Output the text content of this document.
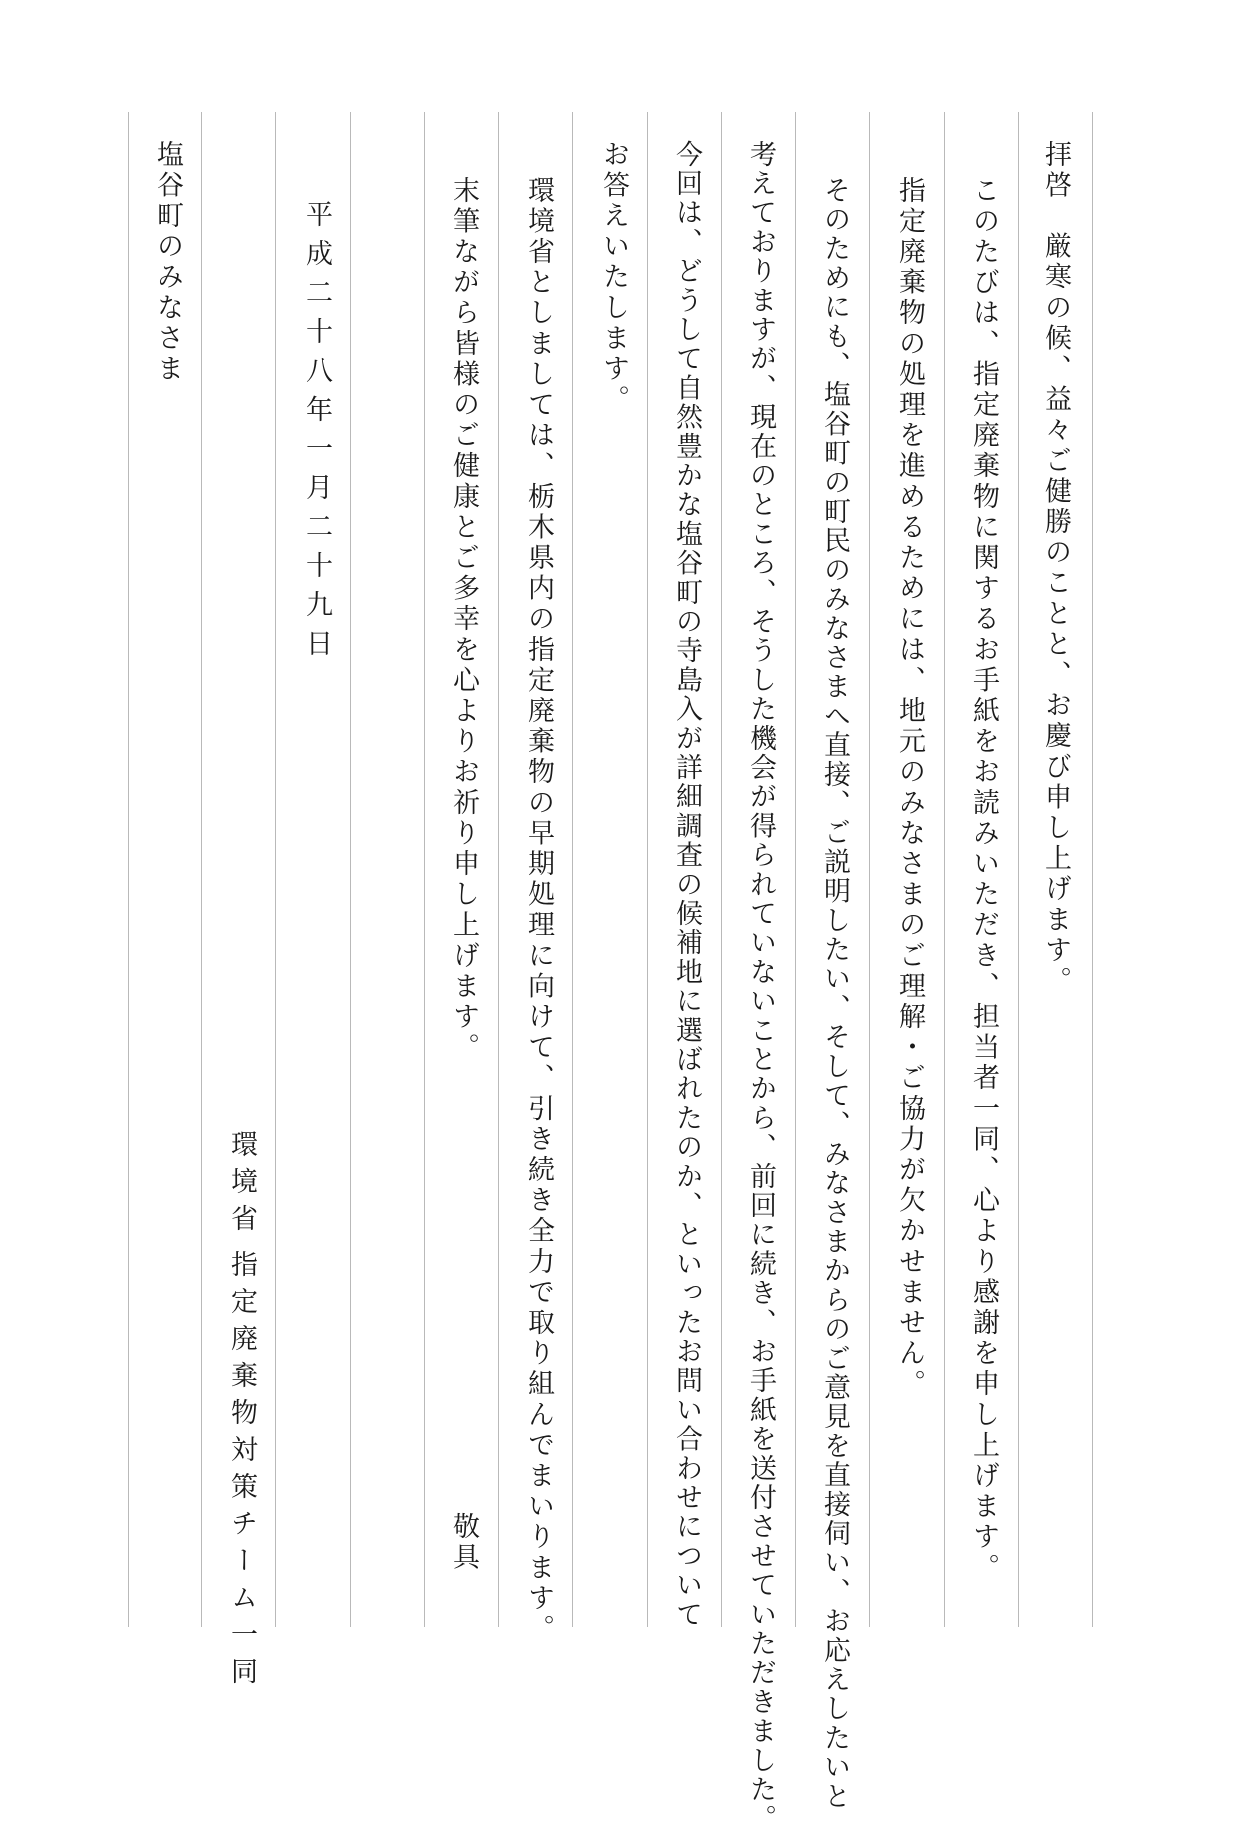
拝啓　厳寒の候、益々ご健勝のことと、お慶び申し上げます。
このたびは、指定廃棄物に関するお手紙をお読みいただき、担当者一同、心より感謝を申し上げます。
指定廃棄物の処理を進めるためには、地元のみなさまのご理解・ご協力が欠かせません。
そのためにも、塩谷町の町民のみなさまへ直接、ご説明したい、そして、みなさまからのご意見を直接伺い、お応えしたいと
考えておりますが、現在のところ、そうした機会が得られていないことから、前回に続き、お手紙を送付させていただきました。
今回は、どうして自然豊かな塩谷町の寺島入が詳細調査の候補地に選ばれたのか、といったお問い合わせについて
お答えいたします。
環境省としましては、栃木県内の指定廃棄物の早期処理に向けて、引き続き全力で取り組んでまいります。
末筆ながら皆様のご健康とご多幸を心よりお祈り申し上げます。
敬具
平成二十八年一月二十九日
環境省
指定廃棄物対策チーム一同
塩谷町のみなさま
